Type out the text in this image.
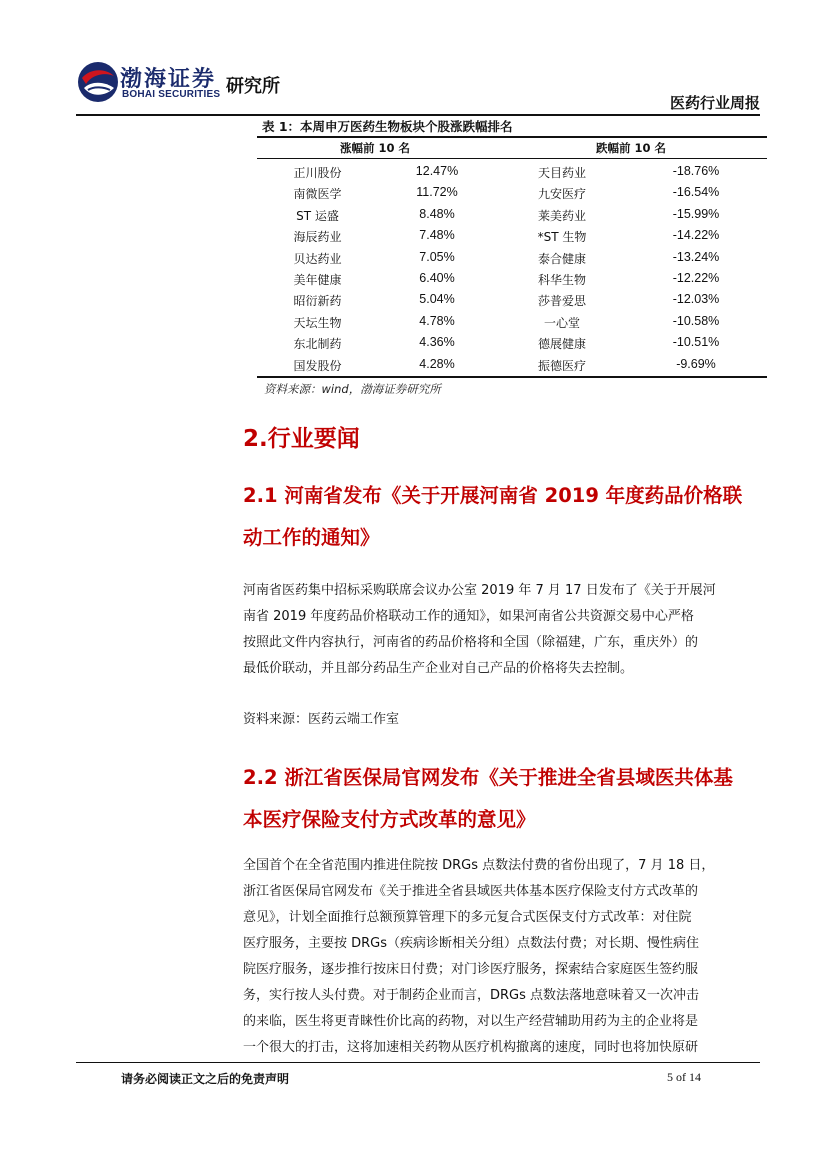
渤海证券
BOHAI SECURITIES 研究所
医药行业周报
表 1：本周申万医药生物板块个股涨跌幅排名
涨幅前 10 名	跌幅前 10 名
正川股份	12.47%	天目药业	-18.76%
南微医学	11.72%	九安医疗	-16.54%
ST 运盛	8.48%	莱美药业	-15.99%
海辰药业	7.48%	*ST 生物	-14.22%
贝达药业	7.05%	泰合健康	-13.24%
美年健康	6.40%	科华生物	-12.22%
昭衍新药	5.04%	莎普爱思	-12.03%
天坛生物	4.78%	一心堂	-10.58%
东北制药	4.36%	德展健康	-10.51%
国发股份	4.28%	振德医疗	-9.69%
资料来源：wind，渤海证券研究所
2.行业要闻
2.1 河南省发布《关于开展河南省 2019 年度药品价格联
动工作的通知》
河南省医药集中招标采购联席会议办公室 2019 年 7 月 17 日发布了《关于开展河
南省 2019 年度药品价格联动工作的通知》，如果河南省公共资源交易中心严格
按照此文件内容执行，河南省的药品价格将和全国（除福建，广东，重庆外）的
最低价联动，并且部分药品生产企业对自己产品的价格将失去控制。
资料来源：医药云端工作室
2.2 浙江省医保局官网发布《关于推进全省县域医共体基
本医疗保险支付方式改革的意见》
全国首个在全省范围内推进住院按 DRGs 点数法付费的省份出现了，7 月 18 日，
浙江省医保局官网发布《关于推进全省县域医共体基本医疗保险支付方式改革的
意见》，计划全面推行总额预算管理下的多元复合式医保支付方式改革：对住院
医疗服务，主要按 DRGs（疾病诊断相关分组）点数法付费；对长期、慢性病住
院医疗服务，逐步推行按床日付费；对门诊医疗服务，探索结合家庭医生签约服
务，实行按人头付费。对于制药企业而言，DRGs 点数法落地意味着又一次冲击
的来临，医生将更青睐性价比高的药物，对以生产经营辅助用药为主的企业将是
一个很大的打击，这将加速相关药物从医疗机构撤离的速度，同时也将加快原研
请务必阅读正文之后的免责声明	5 of 14
